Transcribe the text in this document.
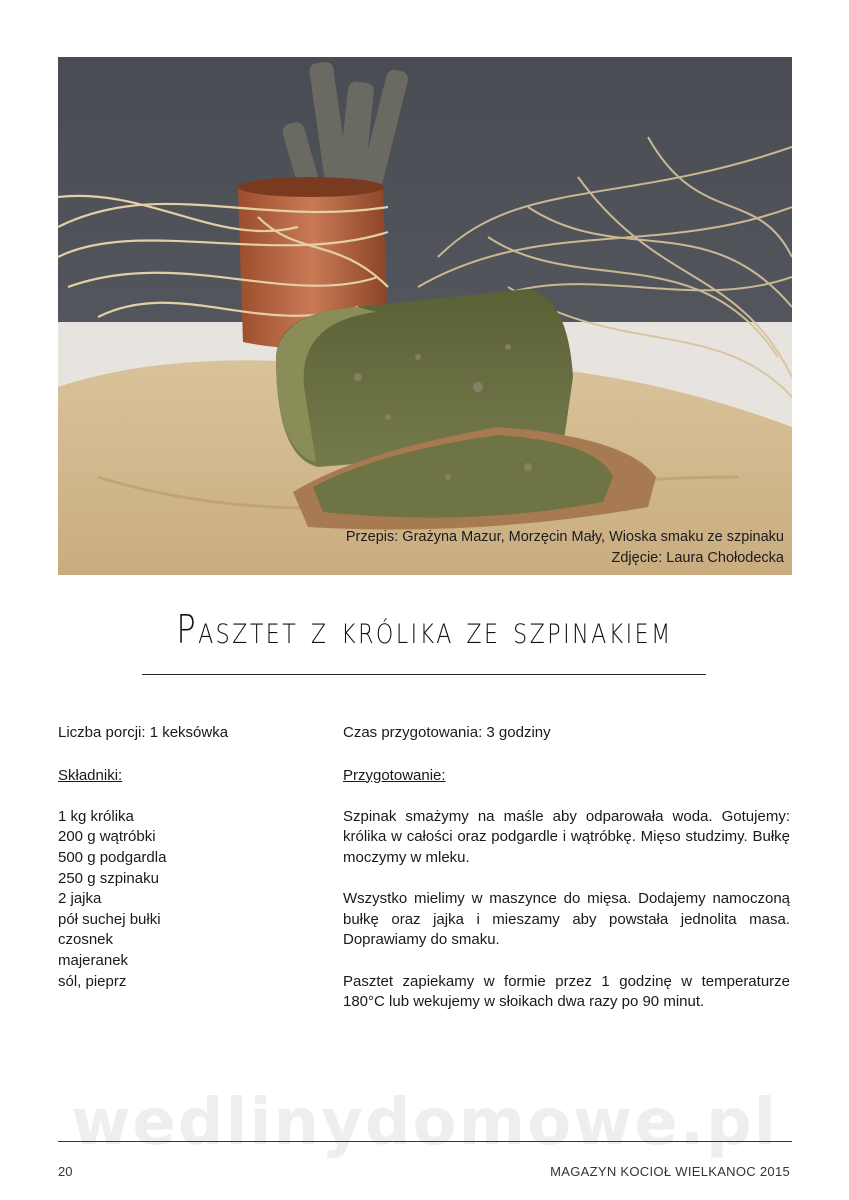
Przepis: Grażyna Mazur, Morzęcin Mały, Wioska smaku ze szpinaku
Zdjęcie: Laura Chołodecka
Pasztet z królika ze szpinakiem
Liczba porcji: 1 keksówka
Składniki:
1 kg królika
200 g wątróbki
500 g podgardla
250 g szpinaku
2 jajka
pół suchej bułki
czosnek
majeranek
sól, pieprz
Czas przygotowania: 3 godziny
Przygotowanie:
Szpinak smażymy na maśle aby odparowała woda. Gotujemy: królika w całości oraz podgardle i wątróbkę. Mięso studzimy. Bułkę moczymy w mleku.
Wszystko mielimy w maszynce do mięsa. Dodajemy namoczoną bułkę oraz jajka i mieszamy aby powstała jednolita masa. Doprawiamy do smaku.
Pasztet zapiekamy w formie przez 1 godzinę w temperaturze 180°C lub wekujemy w słoikach dwa razy po 90 minut.
wedlinydomowe.pl
20	MAGAZYN KOCIOŁ WIELKANOC 2015
